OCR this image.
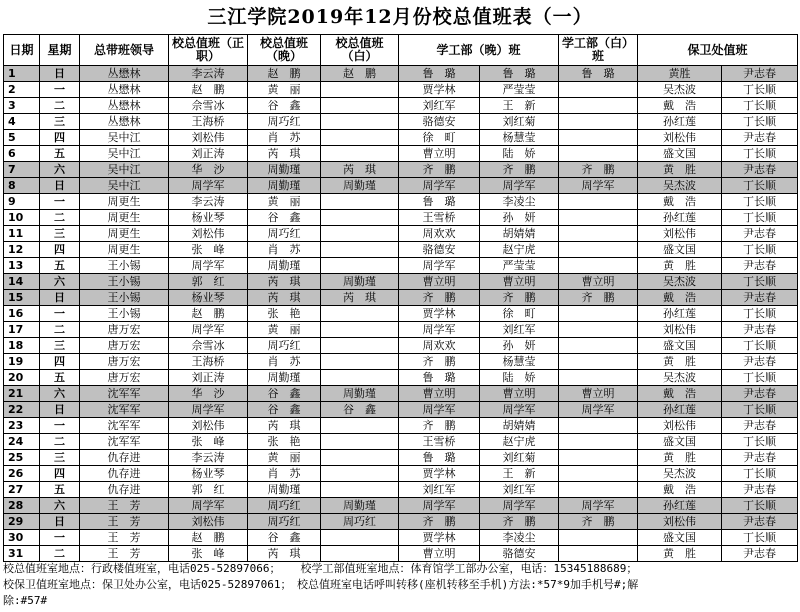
三江学院2019年12月份校总值班表（一）
日期	星期	总带班领导	校总值班（正职）	校总值班（晚）	校总值班（白）	学工部（晚）班		学工部（白）班	保卫处值班	
1	日	丛懋林	李云涛	赵　鹏	赵　鹏	鲁　璐	鲁　璐	鲁　璐	黄胜	尹志春
2	一	丛懋林	赵　鹏	黄　丽		贾学林	严莹莹		吴杰波	丁长顺
3	二	丛懋林	佘雪冰	谷　鑫		刘红军	王　新		戴　浩	丁长顺
4	三	丛懋林	王海桥	周巧红		骆德安	刘红菊		孙红莲	丁长顺
5	四	吴中江	刘松伟	肖　苏		徐　町	杨慧莹		刘松伟	尹志春
6	五	吴中江	刘正涛	芮　琪		曹立明	陆　娇		盛文国	丁长顺
7	六	吴中江	华　沙	周勤瑾	芮　琪	齐　鹏	齐　鹏	齐　鹏	黄　胜	尹志春
8	日	吴中江	周学军	周勤瑾	周勤瑾	周学军	周学军	周学军	吴杰波	丁长顺
9	一	周更生	李云涛	黄　丽		鲁　璐	李凌尘		戴　浩	丁长顺
10	二	周更生	杨业琴	谷　鑫		王雪桥	孙　妍		孙红莲	丁长顺
11	三	周更生	刘松伟	周巧红		周欢欢	胡婧婧		刘松伟	尹志春
12	四	周更生	张　峰	肖　苏		骆德安	赵宁虎		盛文国	丁长顺
13	五	王小锡	周学军	周勤瑾		周学军	严莹莹		黄　胜	尹志春
14	六	王小锡	郭　红	芮　琪	周勤瑾	曹立明	曹立明	曹立明	吴杰波	丁长顺
15	日	王小锡	杨业琴	芮　琪	芮　琪	齐　鹏	齐　鹏	齐　鹏	戴　浩	尹志春
16	一	王小锡	赵　鹏	张　艳		贾学林	徐　町		孙红莲	丁长顺
17	二	唐万宏	周学军	黄　丽		周学军	刘红军		刘松伟	尹志春
18	三	唐万宏	佘雪冰	周巧红		周欢欢	孙　妍		盛文国	丁长顺
19	四	唐万宏	王海桥	肖　苏		齐　鹏	杨慧莹		黄　胜	尹志春
20	五	唐万宏	刘正涛	周勤瑾		鲁　璐	陆　娇		吴杰波	丁长顺
21	六	沈军军	华　沙	谷　鑫	周勤瑾	曹立明	曹立明	曹立明	戴　浩	尹志春
22	日	沈军军	周学军	谷　鑫	谷　鑫	周学军	周学军	周学军	孙红莲	丁长顺
23	一	沈军军	刘松伟	芮　琪		齐　鹏	胡婧婧		刘松伟	尹志春
24	二	沈军军	张　峰	张　艳		王雪桥	赵宁虎		盛文国	丁长顺
25	三	仇存进	李云涛	黄　丽		鲁　璐	刘红菊		黄　胜	尹志春
26	四	仇存进	杨业琴	肖　苏		贾学林	王　新		吴杰波	丁长顺
27	五	仇存进	郭　红	周勤瑾		刘红军	刘红军		戴　浩	尹志春
28	六	王　芳	周学军	周巧红	周勤瑾	周学军	周学军	周学军	孙红莲	丁长顺
29	日	王　芳	刘松伟	周巧红	周巧红	齐　鹏	齐　鹏	齐　鹏	刘松伟	尹志春
30	一	王　芳	赵　鹏	谷　鑫		贾学林	李凌尘		盛文国	丁长顺
31	二	王　芳	张　峰	芮　琪		曹立明	骆德安		黄　胜	尹志春
校总值班室地点：行政楼值班室，电话025-52897066； 校学工部值班室地点：体育馆学工部办公室，电话：15345188689；
校保卫值班室地点：保卫处办公室，电话025-52897061；　校总值班室电话呼叫转移(座机转移至手机)方法:*57*9加手机号#;解
除:#57#
